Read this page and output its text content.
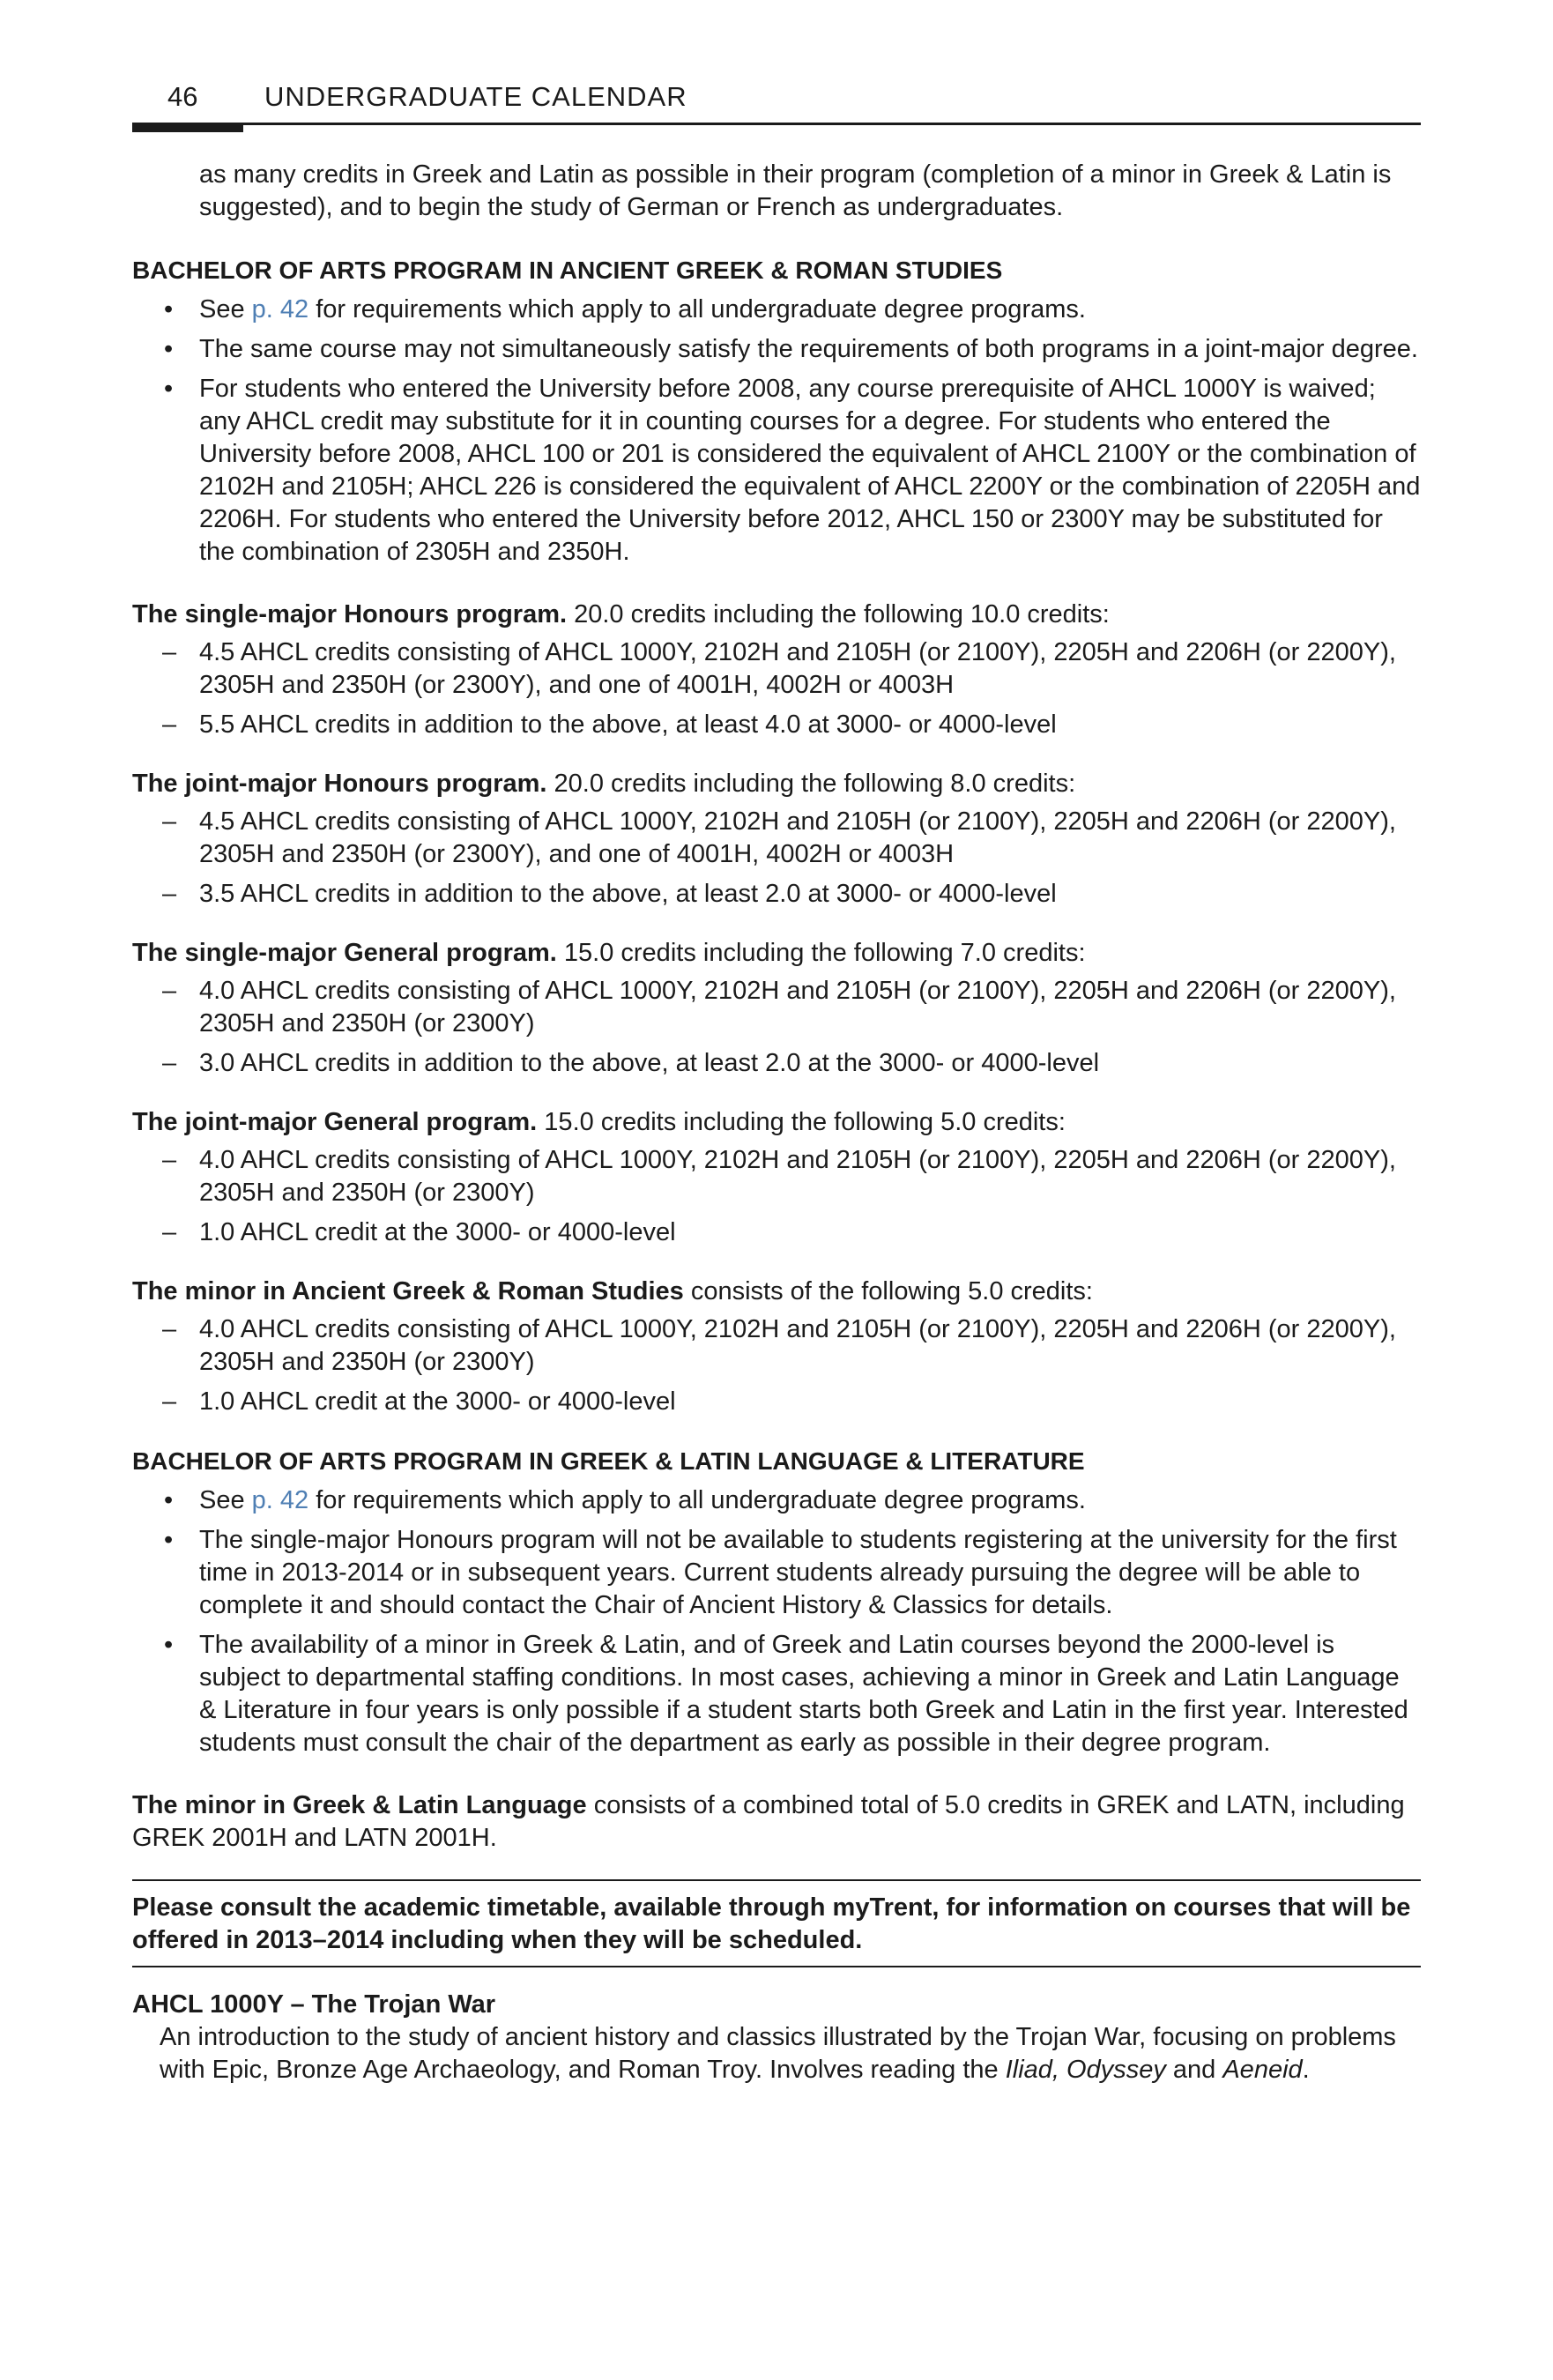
46 UNDERGRADUATE CALENDAR

as many credits in Greek and Latin as possible in their program (completion of a minor in Greek & Latin is suggested), and to begin the study of German or French as undergraduates.

BACHELOR OF ARTS PROGRAM IN ANCIENT GREEK & ROMAN STUDIES
• See p. 42 for requirements which apply to all undergraduate degree programs.
• The same course may not simultaneously satisfy the requirements of both programs in a joint-major degree.
• For students who entered the University before 2008, any course prerequisite of AHCL 1000Y is waived; any AHCL credit may substitute for it in counting courses for a degree. For students who entered the University before 2008, AHCL 100 or 201 is considered the equivalent of AHCL 2100Y or the combination of 2102H and 2105H; AHCL 226 is considered the equivalent of AHCL 2200Y or the combination of 2205H and 2206H. For students who entered the University before 2012, AHCL 150 or 2300Y may be substituted for the combination of 2305H and 2350H.

The single-major Honours program. 20.0 credits including the following 10.0 credits:

– 4.5 AHCL credits consisting of AHCL 1000Y, 2102H and 2105H (or 2100Y), 2205H and 2206H (or 2200Y), 2305H and 2350H (or 2300Y), and one of 4001H, 4002H or 4003H
– 5.5 AHCL credits in addition to the above, at least 4.0 at 3000- or 4000-level

The joint-major Honours program. 20.0 credits including the following 8.0 credits:

– 4.5 AHCL credits consisting of AHCL 1000Y, 2102H and 2105H (or 2100Y), 2205H and 2206H (or 2200Y), 2305H and 2350H (or 2300Y), and one of 4001H, 4002H or 4003H
– 3.5 AHCL credits in addition to the above, at least 2.0 at 3000- or 4000-level

The single-major General program. 15.0 credits including the following 7.0 credits:

– 4.0 AHCL credits consisting of AHCL 1000Y, 2102H and 2105H (or 2100Y), 2205H and 2206H (or 2200Y), 2305H and 2350H (or 2300Y)
– 3.0 AHCL credits in addition to the above, at least 2.0 at the 3000- or 4000-level

The joint-major General program. 15.0 credits including the following 5.0 credits:

– 4.0 AHCL credits consisting of AHCL 1000Y, 2102H and 2105H (or 2100Y), 2205H and 2206H (or 2200Y), 2305H and 2350H (or 2300Y)
– 1.0 AHCL credit at the 3000- or 4000-level

The minor in Ancient Greek & Roman Studies consists of the following 5.0 credits:

– 4.0 AHCL credits consisting of AHCL 1000Y, 2102H and 2105H (or 2100Y), 2205H and 2206H (or 2200Y), 2305H and 2350H (or 2300Y)
– 1.0 AHCL credit at the 3000- or 4000-level
BACHELOR OF ARTS PROGRAM IN GREEK & LATIN LANGUAGE & LITERATURE
• See p. 42 for requirements which apply to all undergraduate degree programs.
• The single-major Honours program will not be available to students registering at the university for the first time in 2013-2014 or in subsequent years. Current students already pursuing the degree will be able to complete it and should contact the Chair of Ancient History & Classics for details.
• The availability of a minor in Greek & Latin, and of Greek and Latin courses beyond the 2000-level is subject to departmental staffing conditions. In most cases, achieving a minor in Greek and Latin Language & Literature in four years is only possible if a student starts both Greek and Latin in the first year. Interested students must consult the chair of the department as early as possible in their degree program.

The minor in Greek & Latin Language consists of a combined total of 5.0 credits in GREK and LATN, including GREK 2001H and LATN 2001H.

Please consult the academic timetable, available through myTrent, for information on courses that will be offered in 2013–2014 including when they will be scheduled.

AHCL 1000Y – The Trojan War

An introduction to the study of ancient history and classics illustrated by the Trojan War, focusing on problems with Epic, Bronze Age Archaeology, and Roman Troy. Involves reading the Iliad, Odyssey and Aeneid.
